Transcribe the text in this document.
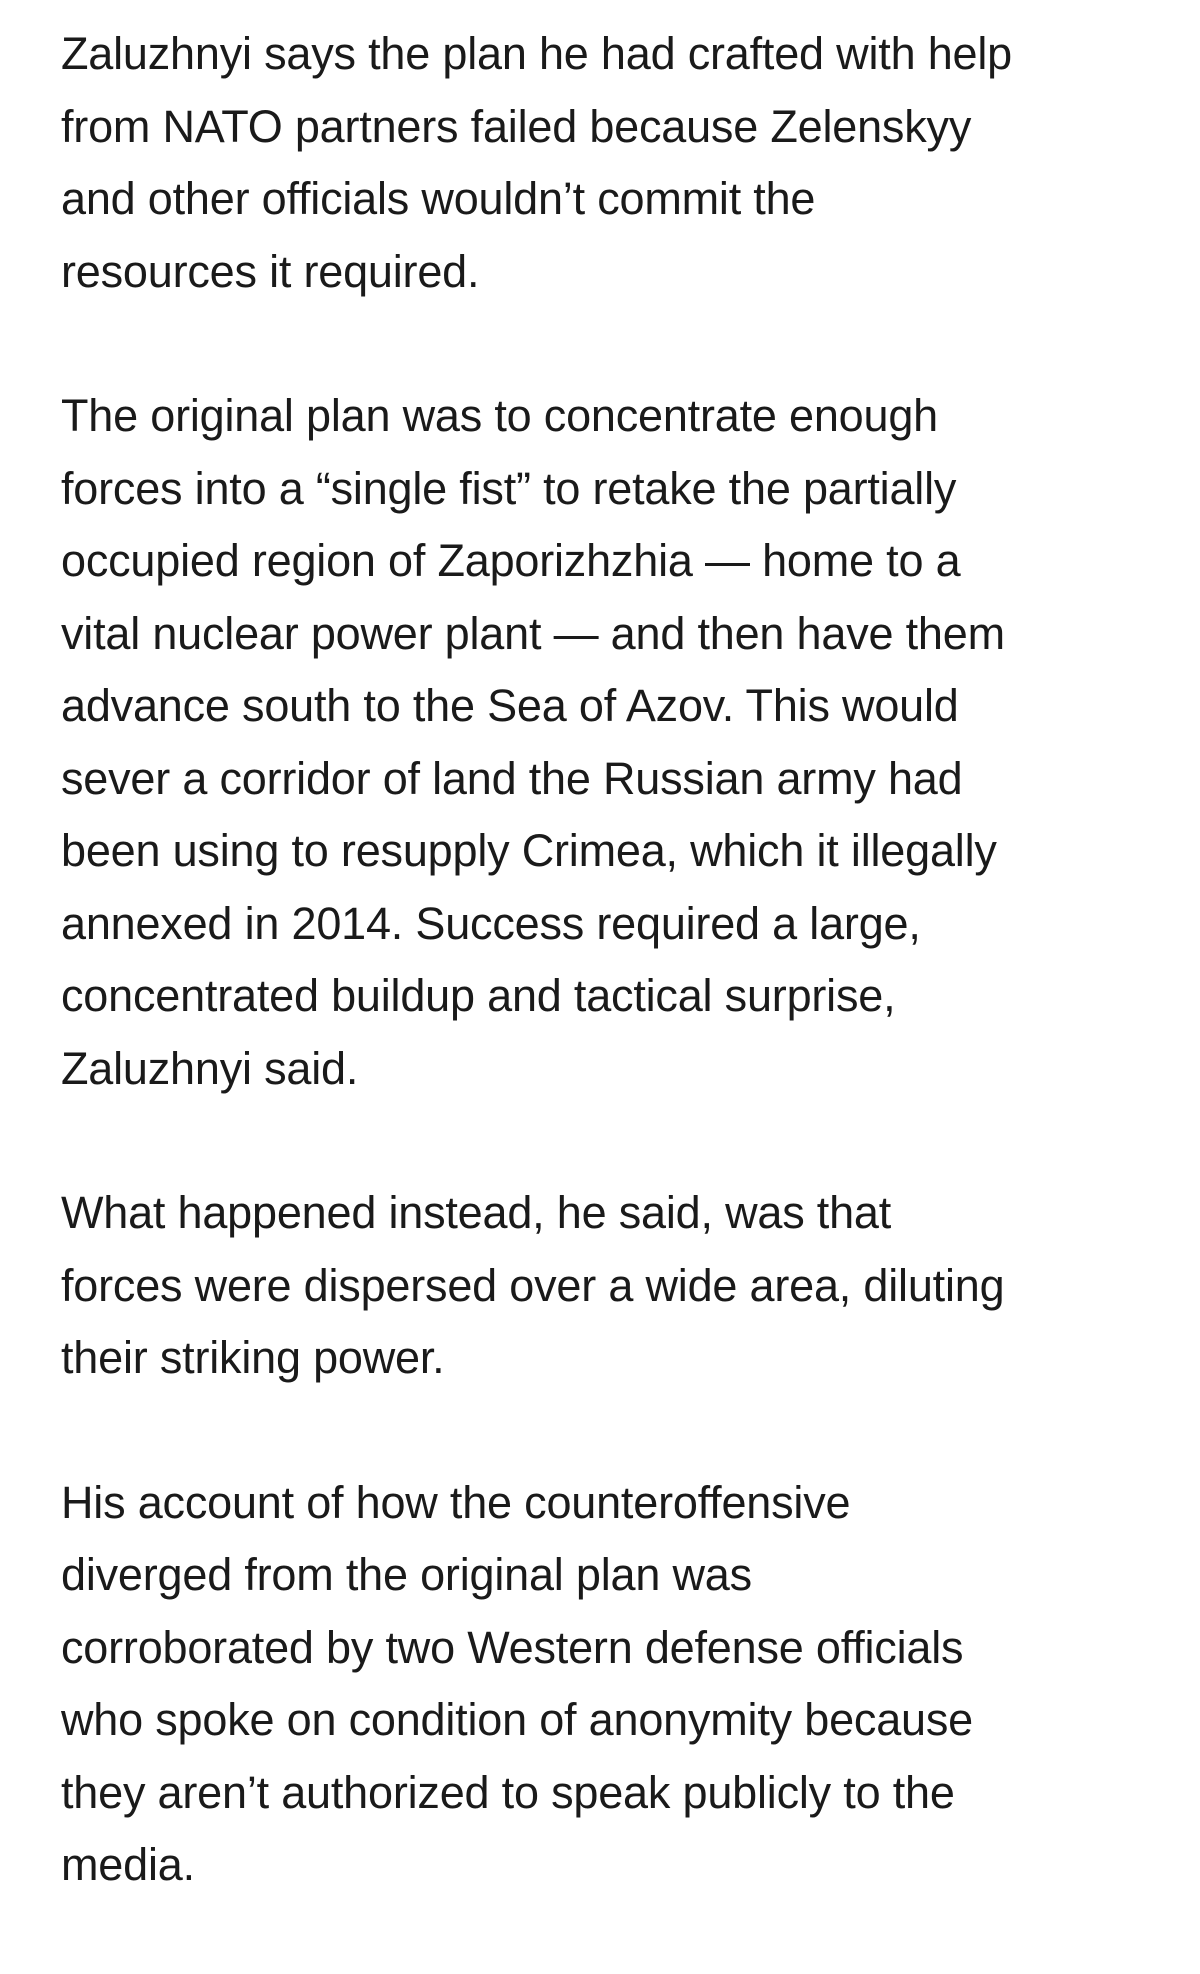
Zaluzhnyi says the plan he had crafted with help
from NATO partners failed because Zelenskyy
and other officials wouldn’t commit the
resources it required.

The original plan was to concentrate enough
forces into a “single fist” to retake the partially
occupied region of Zaporizhzhia — home to a
vital nuclear power plant — and then have them
advance south to the Sea of Azov. This would
sever a corridor of land the Russian army had
been using to resupply Crimea, which it illegally
annexed in 2014. Success required a large,
concentrated buildup and tactical surprise,
Zaluzhnyi said.

What happened instead, he said, was that
forces were dispersed over a wide area, diluting
their striking power.

His account of how the counteroffensive
diverged from the original plan was
corroborated by two Western defense officials
who spoke on condition of anonymity because
they aren’t authorized to speak publicly to the
media.
